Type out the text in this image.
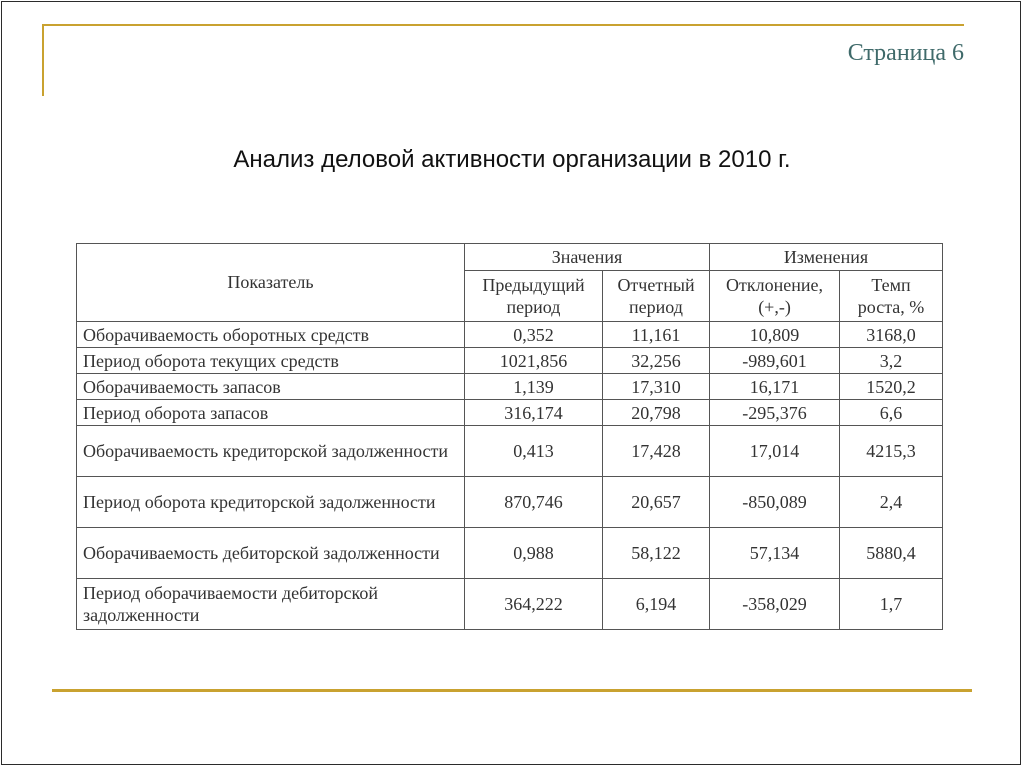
Страница 6
Анализ деловой активности организации в 2010 г.
Показатель	Значения		Изменения	
	Предыдущий период	Отчетный период	Отклонение, (+,-)	Темп роста, %
Оборачиваемость оборотных средств	0,352	11,161	10,809	3168,0
Период оборота текущих средств	1021,856	32,256	-989,601	3,2
Оборачиваемость запасов	1,139	17,310	16,171	1520,2
Период оборота запасов	316,174	20,798	-295,376	6,6
Оборачиваемость кредиторской задолженности	0,413	17,428	17,014	4215,3
Период оборота кредиторской задолженности	870,746	20,657	-850,089	2,4
Оборачиваемость дебиторской задолженности	0,988	58,122	57,134	5880,4
Период оборачиваемости дебиторской задолженности	364,222	6,194	-358,029	1,7
